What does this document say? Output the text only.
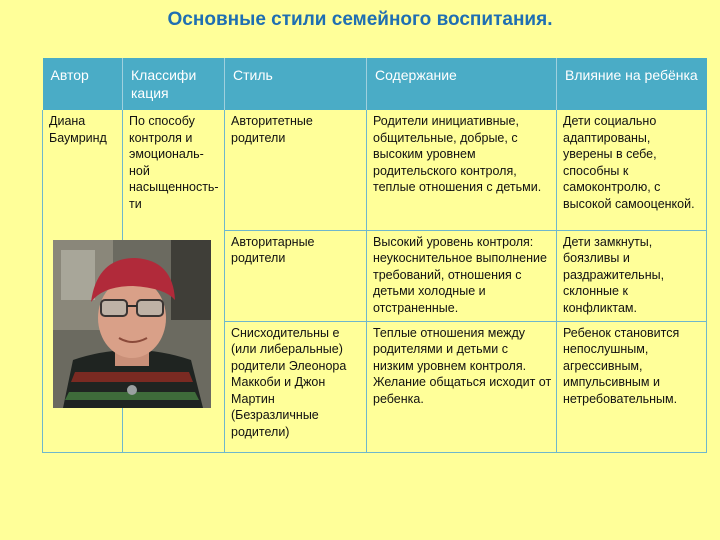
Основные стили семейного воспитания.
Автор	Классифи кация	Стиль	Содержание	Влияние на ребёнка
Диана Баумринд	По способу контроля и эмоциональ-ной насыщенность-ти	Авторитетные родители	Родители инициативные, общительные, добрые, с высоким уровнем родительского контроля, теплые отношения с детьми.	Дети социально адаптированы, уверены в себе, способны к самоконтролю, с высокой самооценкой.
		Авторитарные родители	Высокий уровень контроля: неукоснительное выполнение требований, отношения с детьми холодные и отстраненные.	Дети замкнуты, боязливы и раздражительны, склонные к конфликтам.
		Снисходительны е (или либеральные) родители Элеонора Маккоби и Джон Мартин (Безразличные родители)	Теплые отношения между родителями и детьми с низким уровнем контроля. Желание общаться исходит от ребенка.	Ребенок становится непослушным, агрессивным, импульсивным и нетребовательным.
